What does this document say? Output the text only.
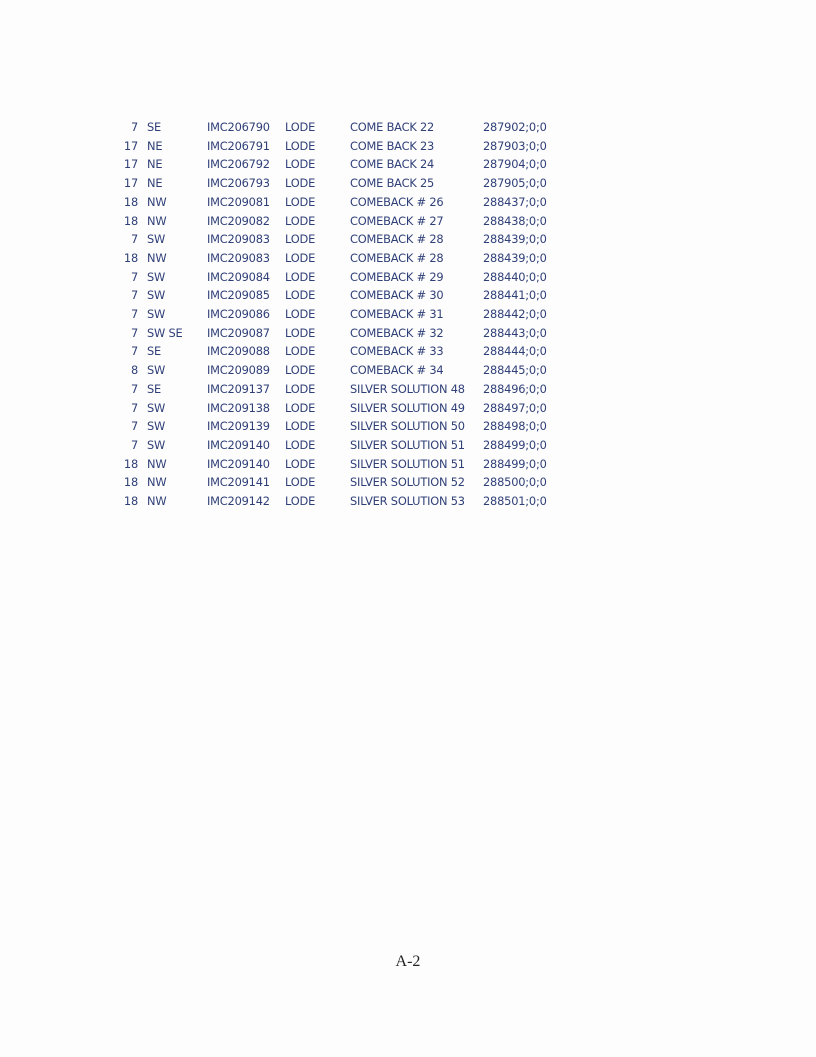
7	SE	IMC206790	LODE	COME BACK 22	287902;0;0
17	NE	IMC206791	LODE	COME BACK 23	287903;0;0
17	NE	IMC206792	LODE	COME BACK 24	287904;0;0
17	NE	IMC206793	LODE	COME BACK 25	287905;0;0
18	NW	IMC209081	LODE	COMEBACK # 26	288437;0;0
18	NW	IMC209082	LODE	COMEBACK # 27	288438;0;0
7	SW	IMC209083	LODE	COMEBACK # 28	288439;0;0
18	NW	IMC209083	LODE	COMEBACK # 28	288439;0;0
7	SW	IMC209084	LODE	COMEBACK # 29	288440;0;0
7	SW	IMC209085	LODE	COMEBACK # 30	288441;0;0
7	SW	IMC209086	LODE	COMEBACK # 31	288442;0;0
7	SW SE	IMC209087	LODE	COMEBACK # 32	288443;0;0
7	SE	IMC209088	LODE	COMEBACK # 33	288444;0;0
8	SW	IMC209089	LODE	COMEBACK # 34	288445;0;0
7	SE	IMC209137	LODE	SILVER SOLUTION 48	288496;0;0
7	SW	IMC209138	LODE	SILVER SOLUTION 49	288497;0;0
7	SW	IMC209139	LODE	SILVER SOLUTION 50	288498;0;0
7	SW	IMC209140	LODE	SILVER SOLUTION 51	288499;0;0
18	NW	IMC209140	LODE	SILVER SOLUTION 51	288499;0;0
18	NW	IMC209141	LODE	SILVER SOLUTION 52	288500;0;0
18	NW	IMC209142	LODE	SILVER SOLUTION 53	288501;0;0
A-2
